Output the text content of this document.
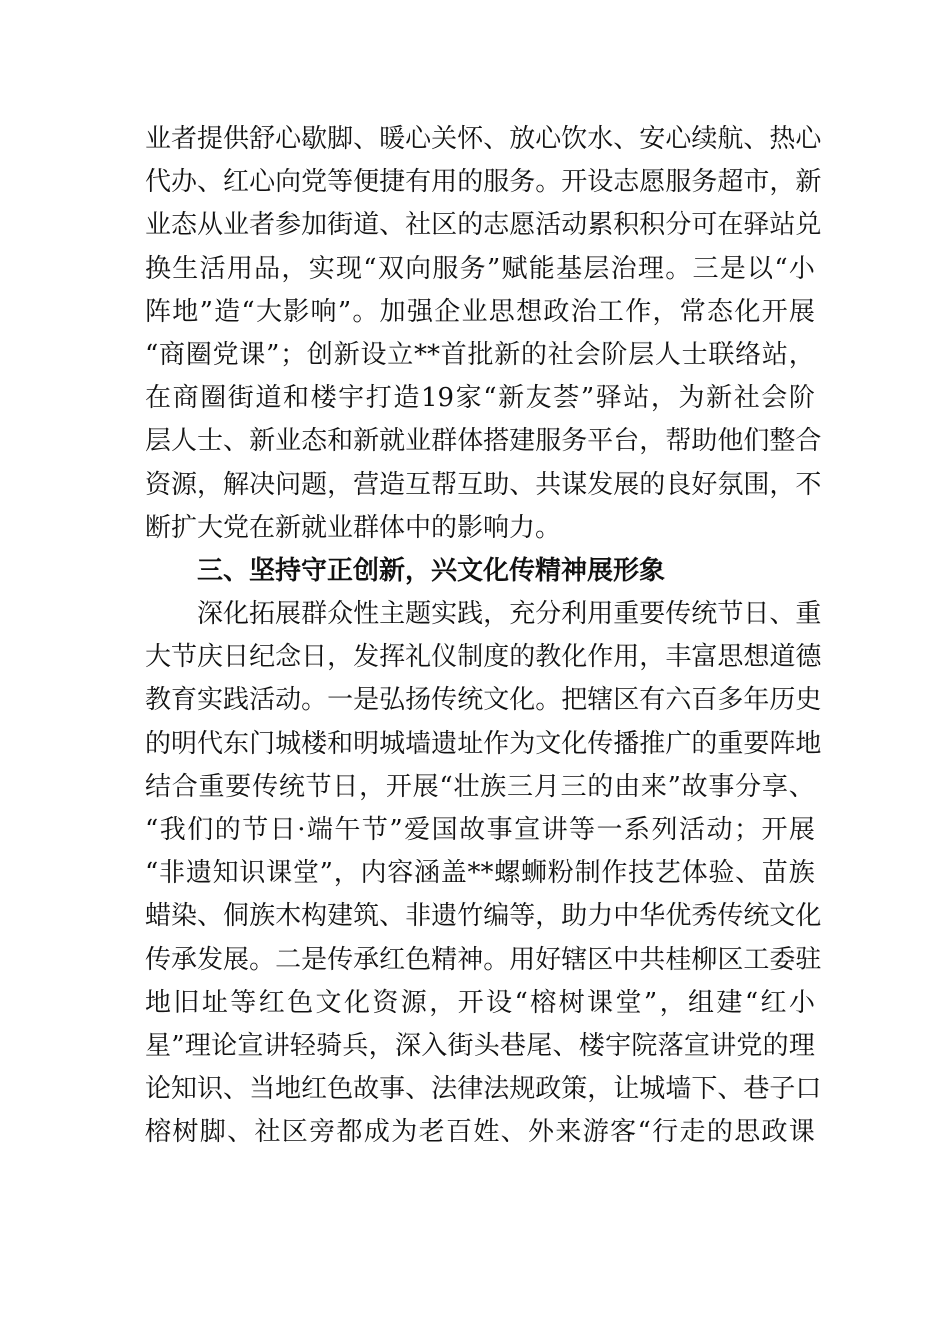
业 者 提 供 舒 心 歇 脚 、 暖 心 关 怀 、 放 心 饮 水 、 安 心 续 航 、 热 心
代 办 、 红 心 向 党 等 便 捷 有 用 的 服 务 。 开 设 志 愿 服 务 超 市 ， 新
业 态 从 业 者 参 加 街 道 、 社 区 的 志 愿 活 动 累 积 积 分 可 在 驿 站 兑
换 生 活 用 品 ， 实 现 “ 双 向 服 务 ” 赋 能 基 层 治 理 。 三 是 以 “ 小
阵 地 ” 造 “ 大 影 响 ” 。 加 强 企 业 思 想 政 治 工 作 ， 常 态 化 开 展
“ 商 圈 党 课 ” ； 创 新 设 立 ** 首 批 新 的 社 会 阶 层 人 士 联 络 站 ，
在 商 圈 街 道 和 楼 宇 打 造 19 家 “ 新 友 荟 ” 驿 站 ， 为 新 社 会 阶
层 人 士 、 新 业 态 和 新 就 业 群 体 搭 建 服 务 平 台 ， 帮 助 他 们 整 合
资 源 ， 解 决 问 题 ， 营 造 互 帮 互 助 、 共 谋 发 展 的 良 好 氛 围 ， 不
断扩大党在新就业群体中的影响力。
三、坚持守正创新，兴文化传精神展形象
深 化 拓 展 群 众 性 主 题 实 践 ， 充 分 利 用 重 要 传 统 节 日 、 重
大 节 庆 日 纪 念 日 ， 发 挥 礼 仪 制 度 的 教 化 作 用 ， 丰 富 思 想 道 德
教 育 实 践 活 动 。 一 是 弘 扬 传 统 文 化 。 把 辖 区 有 六 百 多 年 历 史
的 明 代 东 门 城 楼 和 明 城 墙 遗 址 作 为 文 化 传 播 推 广 的 重 要 阵 地
结 合 重 要 传 统 节 日 ， 开 展 “ 壮 族 三 月 三 的 由 来 ” 故 事 分 享 、
“ 我 们 的 节 日 · 端 午 节 ” 爱 国 故 事 宣 讲 等 一 系 列 活 动 ； 开 展
“ 非 遗 知 识 课 堂 ” ， 内 容 涵 盖 ** 螺 蛳 粉 制 作 技 艺 体 验 、 苗 族
蜡 染 、 侗 族 木 构 建 筑 、 非 遗 竹 编 等 ， 助 力 中 华 优 秀 传 统 文 化
传 承 发 展 。 二 是 传 承 红 色 精 神 。 用 好 辖 区 中 共 桂 柳 区 工 委 驻
地 旧 址 等 红 色 文 化 资 源 ， 开 设 “ 榕 树 课 堂 ” ， 组 建 “ 红 小
星 ” 理 论 宣 讲 轻 骑 兵 ， 深 入 街 头 巷 尾 、 楼 宇 院 落 宣 讲 党 的 理
论 知 识 、 当 地 红 色 故 事 、 法 律 法 规 政 策 ， 让 城 墙 下 、 巷 子 口
榕 树 脚 、 社 区 旁 都 成 为 老 百 姓 、 外 来 游 客 “ 行 走 的 思 政 课
